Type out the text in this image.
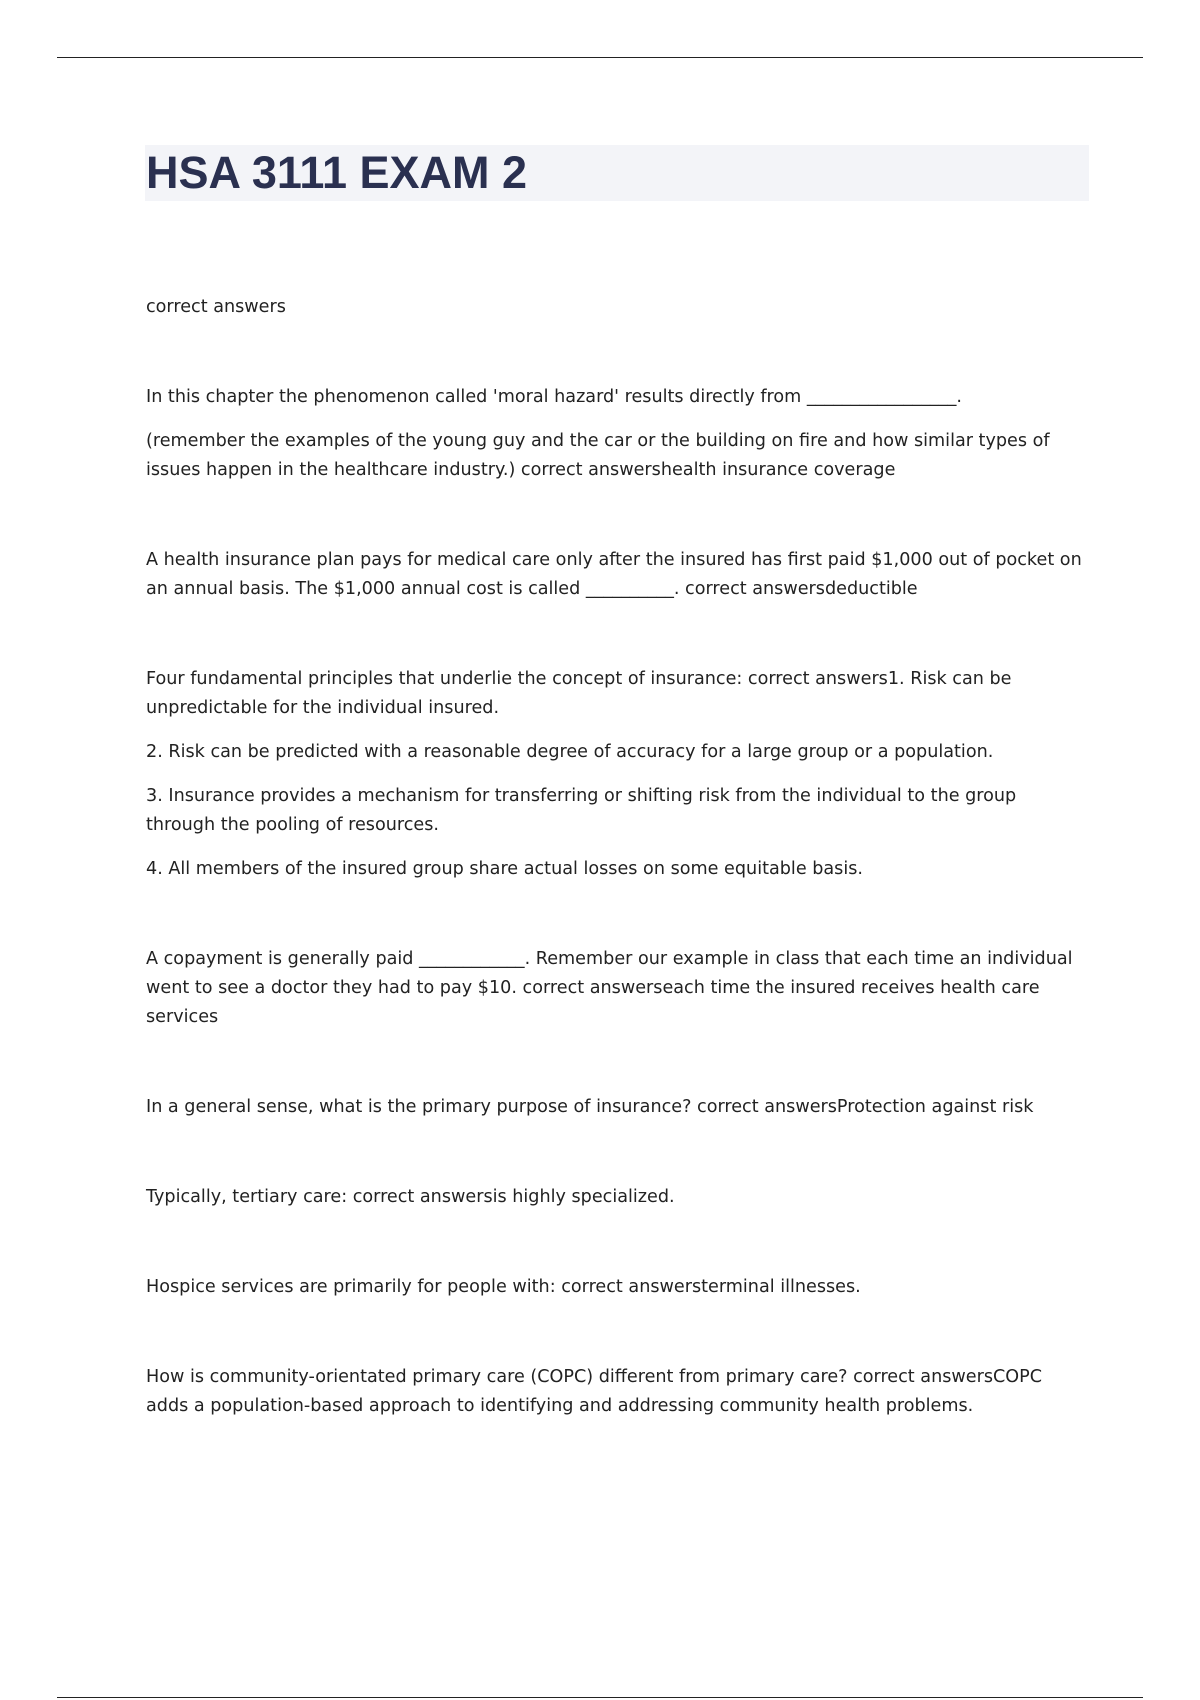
HSA 3111 EXAM 2

correct answers

In this chapter the phenomenon called 'moral hazard' results directly from _________________.

(remember the examples of the young guy and the car or the building on fire and how similar types of issues happen in the healthcare industry.) correct answershealth insurance coverage

A health insurance plan pays for medical care only after the insured has first paid $1,000 out of pocket on an annual basis. The $1,000 annual cost is called __________. correct answersdeductible

Four fundamental principles that underlie the concept of insurance: correct answers1. Risk can be unpredictable for the individual insured.

2. Risk can be predicted with a reasonable degree of accuracy for a large group or a population.

3. Insurance provides a mechanism for transferring or shifting risk from the individual to the group through the pooling of resources.

4. All members of the insured group share actual losses on some equitable basis.

A copayment is generally paid ____________. Remember our example in class that each time an individual went to see a doctor they had to pay $10. correct answerseach time the insured receives health care services

In a general sense, what is the primary purpose of insurance? correct answersProtection against risk

Typically, tertiary care: correct answersis highly specialized.

Hospice services are primarily for people with: correct answersterminal illnesses.

How is community-orientated primary care (COPC) different from primary care? correct answersCOPC adds a population-based approach to identifying and addressing community health problems.
